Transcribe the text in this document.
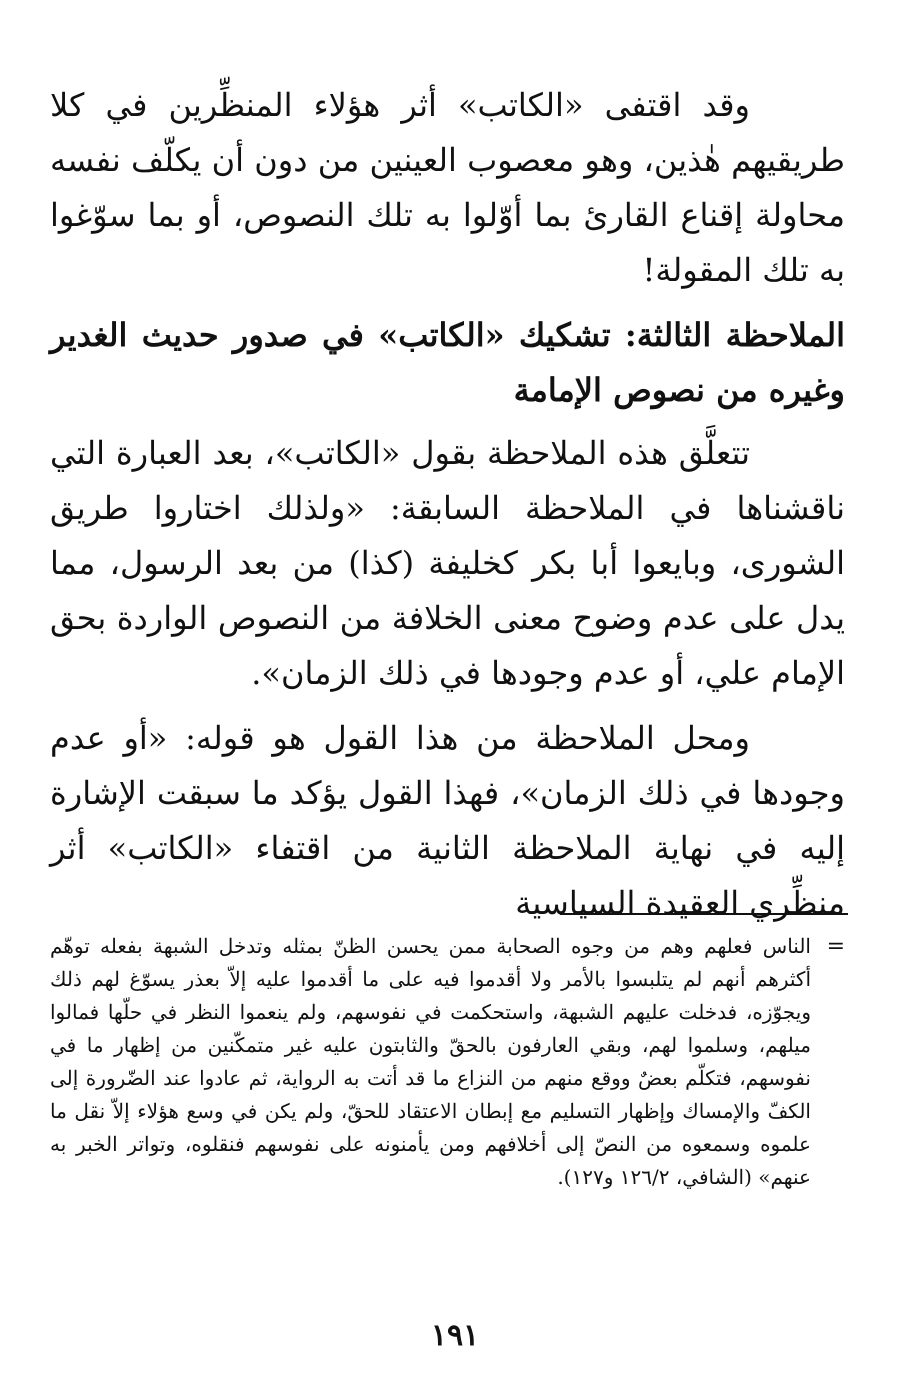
وقد اقتفى «الكاتب» أثر هؤلاء المنظِّرين في كلا طريقيهم هٰذين، وهو معصوب العينين من دون أن يكلّف نفسه محاولة إقناع القارئ بما أوّلوا به تلك النصوص، أو بما سوّغوا به تلك المقولة!

الملاحظة الثالثة: تشكيك «الكاتب» في صدور حديث الغدير وغيره من نصوص الإمامة

تتعلَّق هذه الملاحظة بقول «الكاتب»، بعد العبارة التي ناقشناها في الملاحظة السابقة: «ولذلك اختاروا طريق الشورى، وبايعوا أبا بكر كخليفة (كذا) من بعد الرسول، مما يدل على عدم وضوح معنى الخلافة من النصوص الواردة بحق الإمام علي، أو عدم وجودها في ذلك الزمان».

ومحل الملاحظة من هذا القول هو قوله: «أو عدم وجودها في ذلك الزمان»، فهذا القول يؤكد ما سبقت الإشارة إليه في نهاية الملاحظة الثانية من اقتفاء «الكاتب» أثر منظِّري العقيدة السياسية

=
الناس فعلهم وهم من وجوه الصحابة ممن يحسن الظنّ بمثله وتدخل الشبهة بفعله توهّم أكثرهم أنهم لم يتلبسوا بالأمر ولا أقدموا فيه على ما أقدموا عليه إلاّ بعذر يسوّغ لهم ذلك ويجوّزه، فدخلت عليهم الشبهة، واستحكمت في نفوسهم، ولم ينعموا النظر في حلّها فمالوا ميلهم، وسلموا لهم، وبقي العارفون بالحقّ والثابتون عليه غير متمكّنين من إظهار ما في نفوسهم، فتكلّم بعضٌ ووقع منهم من النزاع ما قد أتت به الرواية، ثم عادوا عند الضّرورة إلى الكفّ والإمساك وإظهار التسليم مع إبطان الاعتقاد للحقّ، ولم يكن في وسع هؤلاء إلاّ نقل ما علموه وسمعوه من النصّ إلى أخلافهم ومن يأمنونه على نفوسهم فنقلوه، وتواتر الخبر به عنهم» (الشافي، ١٢٦/٢ و١٢٧).
١٩١
